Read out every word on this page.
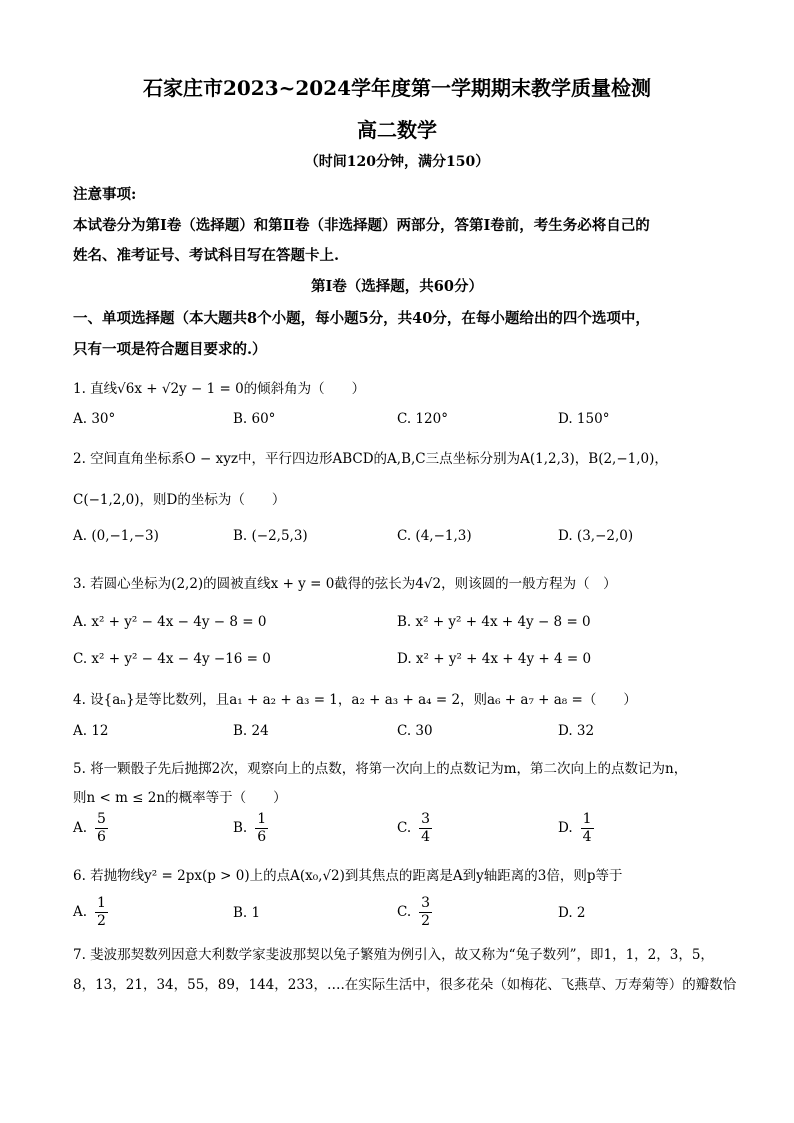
石家庄市2023~2024学年度第一学期期末教学质量检测
高二数学
（时间120分钟，满分150）
注意事项:
本试卷分为第I卷（选择题）和第Ⅱ卷（非选择题）两部分，答第I卷前，考生务必将自己的
姓名、准考证号、考试科目写在答题卡上.
第I卷（选择题，共60分）
一、单项选择题（本大题共8个小题，每小题5分，共40分，在每小题给出的四个选项中，
只有一项是符合题目要求的.）
1. 直线√6x + √2y − 1 = 0的倾斜角为（　　）
A. 30°	B. 60°	C. 120°	D. 150°
2. 空间直角坐标系O − xyz中，平行四边形ABCD的A,B,C三点坐标分别为A(1,2,3)，B(2,−1,0)，
C(−1,2,0)，则D的坐标为（　　）
A. (0,−1,−3)	B. (−2,5,3)	C. (4,−1,3)	D. (3,−2,0)
3. 若圆心坐标为(2,2)的圆被直线x + y = 0截得的弦长为4√2，则该圆的一般方程为（　）
A. x² + y² − 4x − 4y − 8 = 0	B. x² + y² + 4x + 4y − 8 = 0
C. x² + y² − 4x − 4y −16 = 0	D. x² + y² + 4x + 4y + 4 = 0
4. 设{aₙ}是等比数列，且a₁ + a₂ + a₃ = 1，a₂ + a₃ + a₄ = 2，则a₆ + a₇ + a₈ =（　　）
A. 12	B. 24	C. 30	D. 32
5. 将一颗骰子先后抛掷2次，观察向上的点数，将第一次向上的点数记为m，第二次向上的点数记为n，
则n < m ≤ 2n的概率等于（　　）
A. $\frac{5}{6}$	B. $\frac{1}{6}$	C. $\frac{3}{4}$	D. $\frac{1}{4}$
6. 若抛物线y² = 2px(p > 0)上的点A(x₀,√2)到其焦点的距离是A到y轴距离的3倍，则p等于
A. $\frac{1}{2}$	B. 1	C. $\frac{3}{2}$	D. 2
7. 斐波那契数列因意大利数学家斐波那契以兔子繁殖为例引入，故又称为“兔子数列”，即1，1，2，3，5，
8，13，21，34，55，89，144，233，….在实际生活中，很多花朵（如梅花、飞燕草、万寿菊等）的瓣数恰
